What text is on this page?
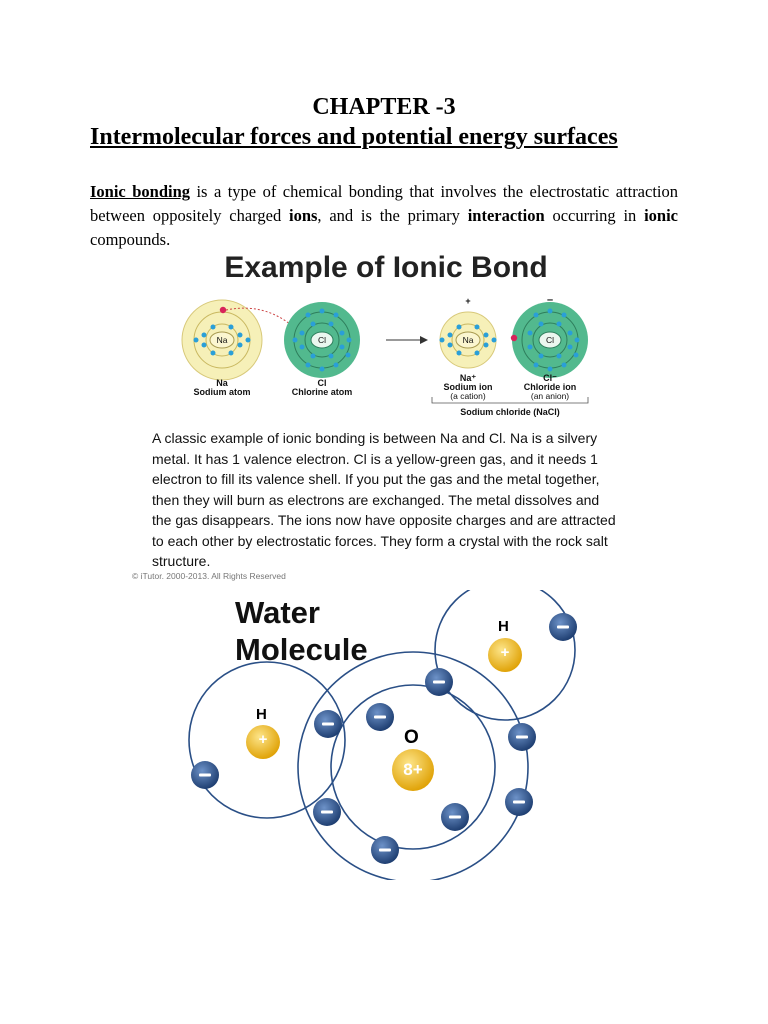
CHAPTER -3
Intermolecular forces and potential energy surfaces
Ionic bonding is a type of chemical bonding that involves the electrostatic attraction between oppositely charged ions, and is the primary interaction occurring in ionic compounds.
Example of Ionic Bond
Na	Cl	Na	Cl
+	–
Na
Sodium atom
Cl
Chlorine atom
Na⁺
Sodium ion
(a cation)
Cl⁻
Chloride ion
(an anion)
Sodium chloride (NaCl)
A classic example of ionic bonding is between Na and Cl. Na is a silvery metal. It has 1 valence electron. Cl is a yellow-green gas, and it needs 1 electron to fill its valence shell. If you put the gas and the metal together, then they will burn as electrons are exchanged. The metal dissolves and the gas disappears. The ions now have opposite charges and are attracted to each other by electrostatic forces. They form a crystal with the rock salt structure.
© iTutor. 2000-2013. All Rights Reserved
Water
Molecule
H
H
O
+
+
8+
